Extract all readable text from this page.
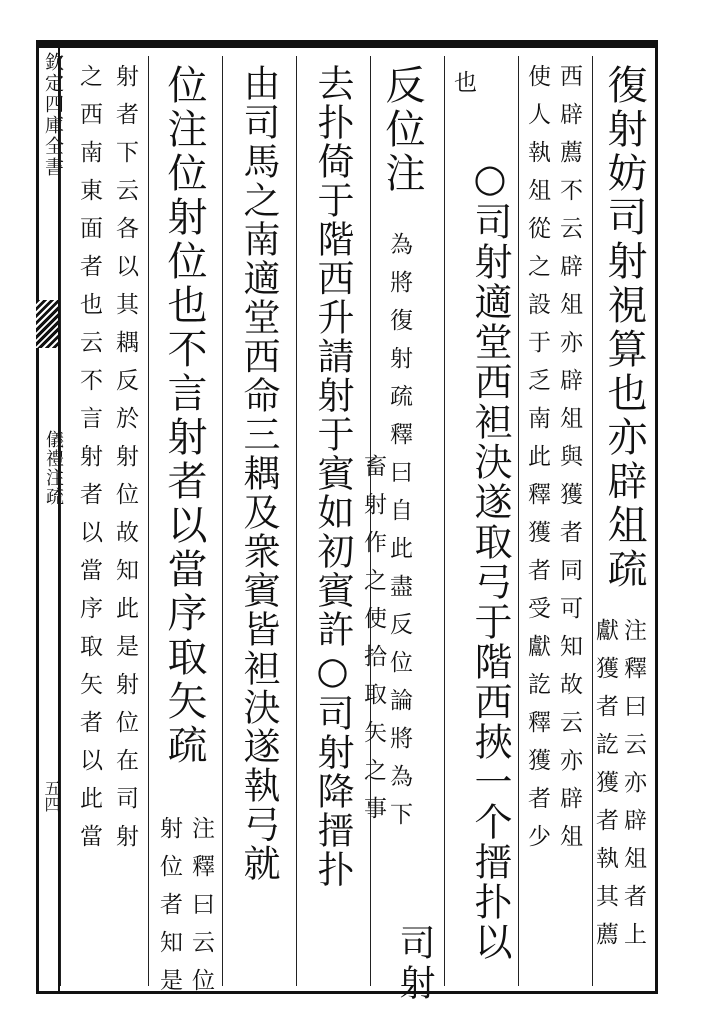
欽定四庫全書
儀禮注疏
五四
復射妨司射視算也亦辟俎疏
注釋曰云亦辟俎者上
獻獲者訖獲者執其薦
使人執俎從之設于乏南此釋獲者受獻訖釋獲者少 西辟薦不云辟俎亦辟俎與獲者同可知故云亦辟俎
也
○司射適堂西袒決遂取弓于階西挾一个搢扑以
反位注
為將復射疏釋曰自此盡反位論將為下
畜射作之使拾取矢之事
司射
去扑倚于階西升請射于賓如初賓許○司射降搢扑
由司馬之南適堂西命三耦及衆賓皆袒決遂執弓就
位注位射位也不言射者以當序取矢疏
注釋曰云位
射位者知是
射者下云各以其耦反於射位故知此是射位在司射
之西南東面者也云不言射者以當序取矢者以此當
